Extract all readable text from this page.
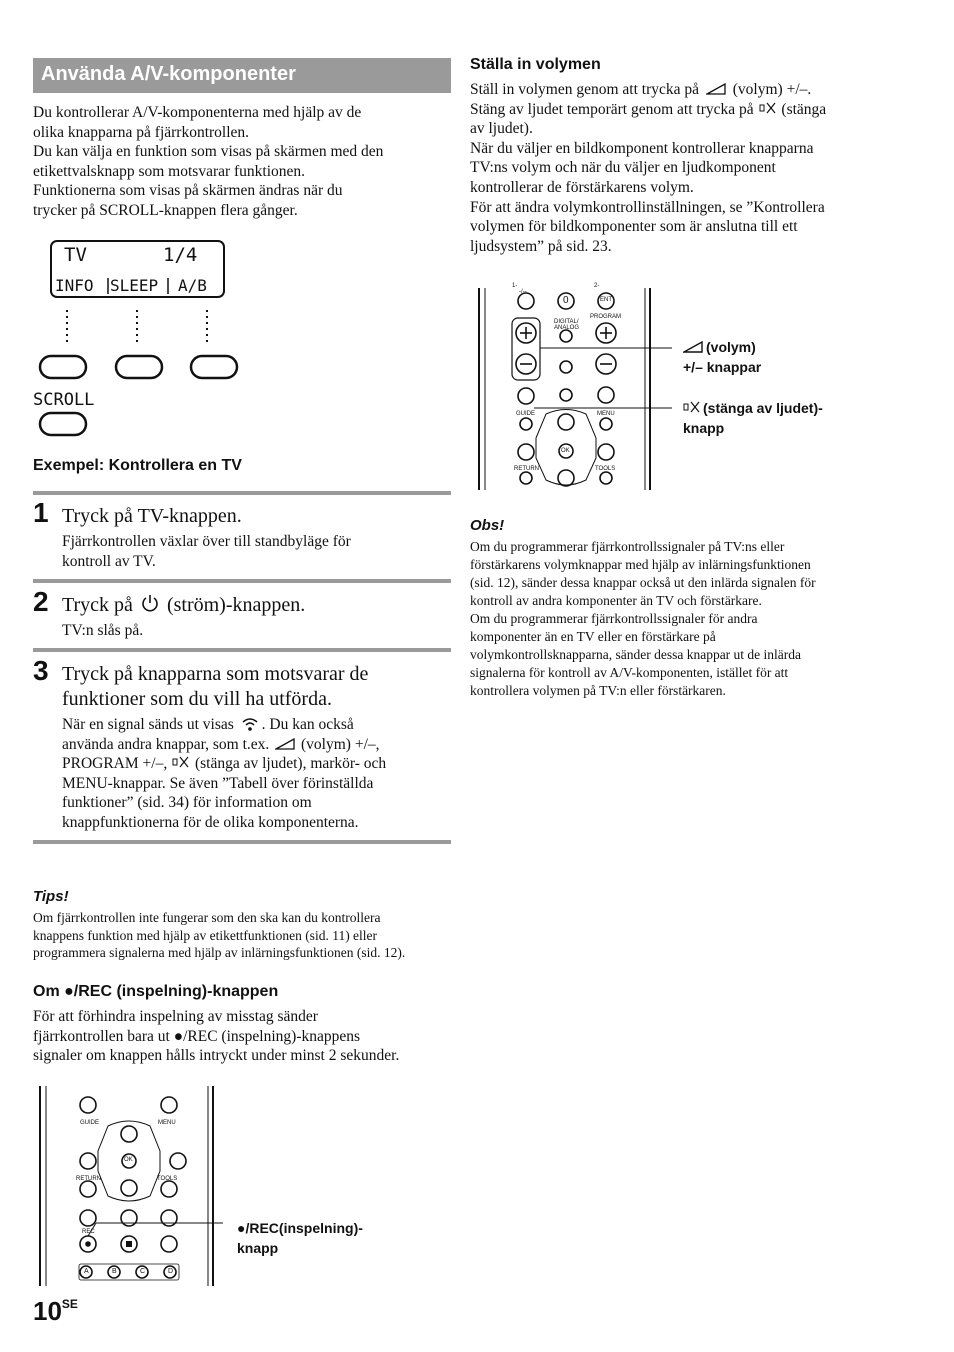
Använda A/V-komponenter
Du kontrollerar A/V-komponenterna med hjälp av de
olika knapparna på fjärrkontrollen.
Du kan välja en funktion som visas på skärmen med den
etikettvalsknapp som motsvarar funktionen.
Funktionerna som visas på skärmen ändras när du
trycker på SCROLL-knappen flera gånger.
TV	1/4
INFO SLEEP A/B
SCROLL
Exempel: Kontrollera en TV
1 Tryck på TV-knappen.
Fjärrkontrollen växlar över till standbyläge för
kontroll av TV.
2 Tryck på (ström)-knappen.
TV:n slås på.
3 Tryck på knapparna som motsvarar de
funktioner som du vill ha utförda.
När en signal sänds ut visas . Du kan också
använda andra knappar, som t.ex. (volym) +/–,
PROGRAM +/–, (stänga av ljudet), markör- och
MENU-knappar. Se även ”Tabell över förinställda
funktioner” (sid. 34) för information om
knappfunktionerna för de olika komponenterna.
Tips!
Om fjärrkontrollen inte fungerar som den ska kan du kontrollera
knappens funktion med hjälp av etikettfunktionen (sid. 11) eller
programmera signalerna med hjälp av inlärningsfunktionen (sid. 12).
Om ●/REC (inspelning)-knappen
För att förhindra inspelning av misstag sänder
fjärrkontrollen bara ut ●/REC (inspelning)-knappens
signaler om knappen hålls intryckt under minst 2 sekunder.
GUIDE	MENU
OK
RETURN	TOOLS
REC
A	B	C	D
●/REC(inspelning)-
knapp
$10^{SE}$
Ställa in volymen
Ställ in volymen genom att trycka på (volym) +/–.
Stäng av ljudet temporärt genom att trycka på (stänga
av ljudet).
När du väljer en bildkomponent kontrollerar knapparna
TV:ns volym och när du väljer en ljudkomponent
kontrollerar de förstärkarens volym.
För att ändra volymkontrollinställningen, se ”Kontrollera
volymen för bildkomponenter som är anslutna till ett
ljudsystem” på sid. 23.
-/--
1-	2-
0	ENT
DIGITAL/
ANALOG
PROGRAM
GUIDE	MENU
OK
RETURN	TOOLS
(volym)
+/– knappar
(stänga av ljudet)-
knapp
Obs!
Om du programmerar fjärrkontrollssignaler på TV:ns eller
förstärkarens volymknappar med hjälp av inlärningsfunktionen
(sid. 12), sänder dessa knappar också ut den inlärda signalen för
kontroll av andra komponenter än TV och förstärkare.
Om du programmerar fjärrkontrollssignaler för andra
komponenter än en TV eller en förstärkare på
volymkontrollsknapparna, sänder dessa knappar ut de inlärda
signalerna för kontroll av A/V-komponenten, istället för att
kontrollera volymen på TV:n eller förstärkaren.
